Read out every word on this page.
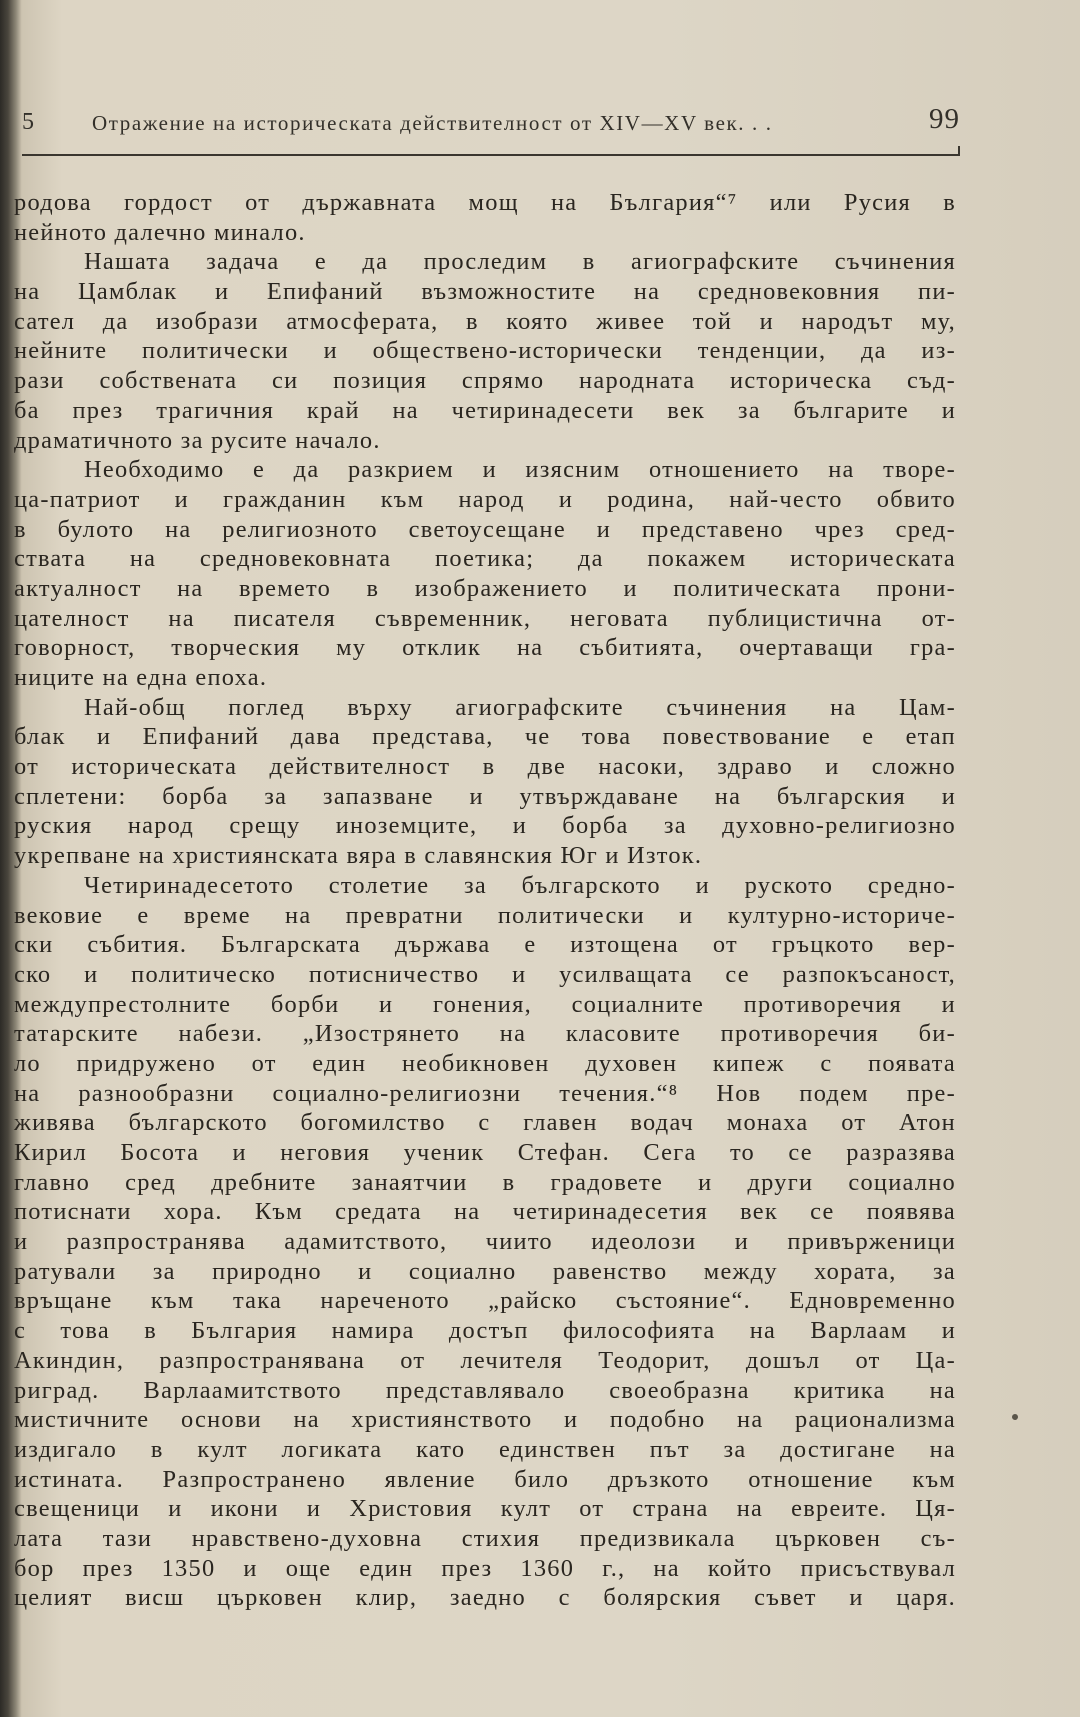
5	Отражение на историческата действителност от XIV—XV век. . .	99
родова гордост от държавната мощ на България“⁷ или Русия в
нейното далечно минало.
Нашата задача е да проследим в агиографските съчинения
на Цамблак и Епифаний възможностите на средновековния пи-
сател да изобрази атмосферата, в която живее той и народът му,
нейните политически и обществено-исторически тенденции, да из-
рази собствената си позиция спрямо народната историческа съд-
ба през трагичния край на четиринадесети век за българите и
драматичното за русите начало.
Необходимо е да разкрием и изясним отношението на творе-
ца-патриот и гражданин към народ и родина, най-често обвито
в булото на религиозното светоусещане и представено чрез сред-
ствата на средновековната поетика; да покажем историческата
актуалност на времето в изображението и политическата прони-
цателност на писателя съвременник, неговата публицистична от-
говорност, творческия му отклик на събитията, очертаващи гра-
ниците на една епоха.
Най-общ поглед върху агиографските съчинения на Цам-
блак и Епифаний дава представа, че това повествование е етап
от историческата действителност в две насоки, здраво и сложно
сплетени: борба за запазване и утвърждаване на българския и
руския народ срещу иноземците, и борба за духовно-религиозно
укрепване на християнската вяра в славянския Юг и Изток.
Четиринадесетото столетие за българското и руското средно-
вековие е време на превратни политически и културно-историче-
ски събития. Българската държава е изтощена от гръцкото вер-
ско и политическо потисничество и усилващата се разпокъсаност,
междупрестолните борби и гонения, социалните противоречия и
татарските набези. „Изострянето на класовите противоречия би-
ло придружено от един необикновен духовен кипеж с появата
на разнообразни социално-религиозни течения.“⁸ Нов подем пре-
живява българското богомилство с главен водач монаха от Атон
Кирил Босота и неговия ученик Стефан. Сега то се разразява
главно сред дребните занаятчии в градовете и други социално
потиснати хора. Към средата на четиринадесетия век се появява
и разпространява адамитството, чиито идеолози и привърженици
ратували за природно и социално равенство между хората, за
връщане към така нареченото „райско състояние“. Едновременно
с това в България намира достъп философията на Варлаам и
Акиндин, разпространявана от лечителя Теодорит, дошъл от Ца-
риград. Варлаамитството представлявало своеобразна критика на
мистичните основи на християнството и подобно на рационализма
издигало в култ логиката като единствен път за достигане на
истината. Разпространено явление било дръзкото отношение към
свещеници и икони и Христовия култ от страна на евреите. Ця-
лата тази нравствено-духовна стихия предизвикала църковен съ-
бор през 1350 и още един през 1360 г., на който присъствувал
целият висш църковен клир, заедно с болярския съвет и царя.
